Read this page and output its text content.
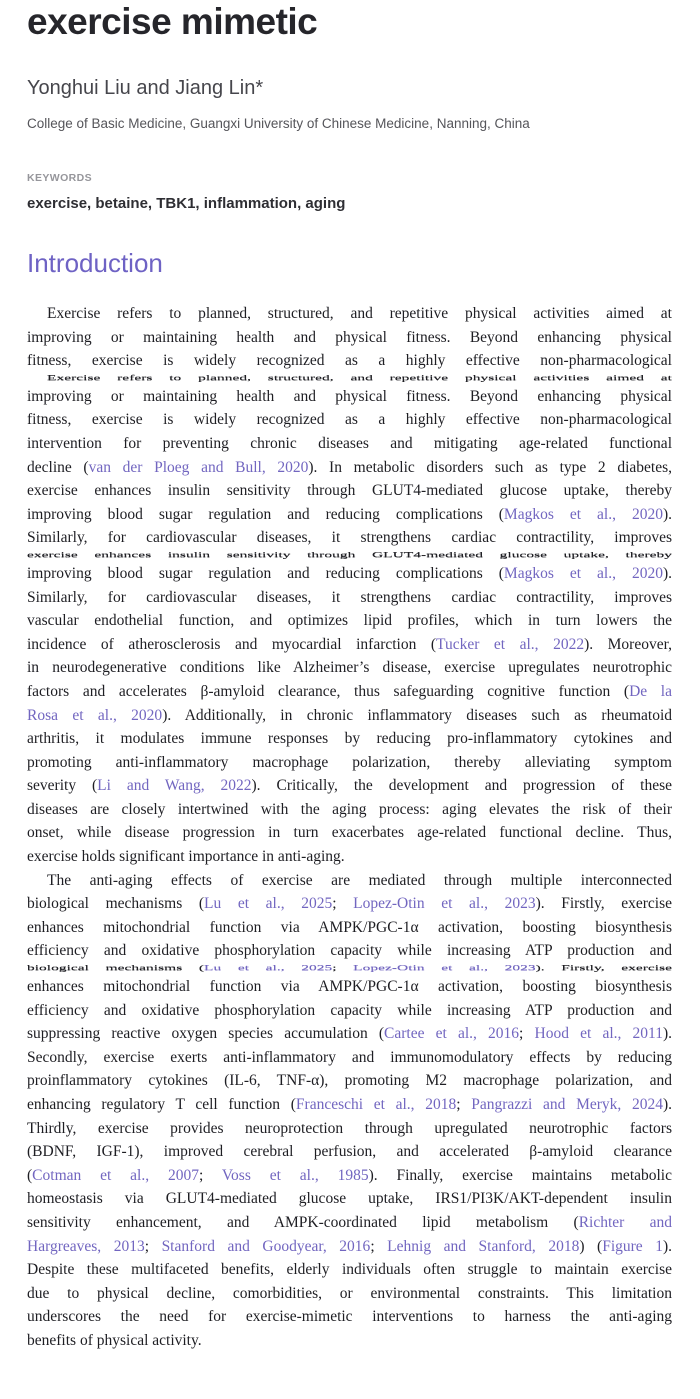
exercise mimetic
Yonghui Liu and Jiang Lin*
College of Basic Medicine, Guangxi University of Chinese Medicine, Nanning, China
KEYWORDS
exercise, betaine, TBK1, inflammation, aging
Introduction
Exercise refers to planned, structured, and repetitive physical activities aimed at
improving or maintaining health and physical fitness. Beyond enhancing physical
fitness, exercise is widely recognized as a highly effective non-pharmacological
Exercise refers to planned, structured, and repetitive physical activities aimed at
improving or maintaining health and physical fitness. Beyond enhancing physical
fitness, exercise is widely recognized as a highly effective non-pharmacological
intervention for preventing chronic diseases and mitigating age-related functional
decline (van der Ploeg and Bull, 2020). In metabolic disorders such as type 2 diabetes,
exercise enhances insulin sensitivity through GLUT4-mediated glucose uptake, thereby
improving blood sugar regulation and reducing complications (Magkos et al., 2020).
Similarly, for cardiovascular diseases, it strengthens cardiac contractility, improves
exercise enhances insulin sensitivity through GLUT4-mediated glucose uptake, thereby
improving blood sugar regulation and reducing complications (Magkos et al., 2020).
Similarly, for cardiovascular diseases, it strengthens cardiac contractility, improves
vascular endothelial function, and optimizes lipid profiles, which in turn lowers the
incidence of atherosclerosis and myocardial infarction (Tucker et al., 2022). Moreover,
in neurodegenerative conditions like Alzheimer’s disease, exercise upregulates neurotrophic
factors and accelerates β-amyloid clearance, thus safeguarding cognitive function (De la
Rosa et al., 2020). Additionally, in chronic inflammatory diseases such as rheumatoid
arthritis, it modulates immune responses by reducing pro-inflammatory cytokines and
promoting anti-inflammatory macrophage polarization, thereby alleviating symptom
severity (Li and Wang, 2022). Critically, the development and progression of these
diseases are closely intertwined with the aging process: aging elevates the risk of their
onset, while disease progression in turn exacerbates age-related functional decline. Thus,
exercise holds significant importance in anti-aging.
The anti-aging effects of exercise are mediated through multiple interconnected
biological mechanisms (Lu et al., 2025; Lopez-Otin et al., 2023). Firstly, exercise
enhances mitochondrial function via AMPK/PGC-1α activation, boosting biosynthesis
efficiency and oxidative phosphorylation capacity while increasing ATP production and
biological mechanisms (Lu et al., 2025; Lopez-Otin et al., 2023). Firstly, exercise
enhances mitochondrial function via AMPK/PGC-1α activation, boosting biosynthesis
efficiency and oxidative phosphorylation capacity while increasing ATP production and
suppressing reactive oxygen species accumulation (Cartee et al., 2016; Hood et al., 2011).
Secondly, exercise exerts anti-inflammatory and immunomodulatory effects by reducing
proinflammatory cytokines (IL-6, TNF-α), promoting M2 macrophage polarization, and
enhancing regulatory T cell function (Franceschi et al., 2018; Pangrazzi and Meryk, 2024).
Thirdly, exercise provides neuroprotection through upregulated neurotrophic factors
(BDNF, IGF-1), improved cerebral perfusion, and accelerated β-amyloid clearance
(Cotman et al., 2007; Voss et al., 1985). Finally, exercise maintains metabolic
homeostasis via GLUT4-mediated glucose uptake, IRS1/PI3K/AKT-dependent insulin
sensitivity enhancement, and AMPK-coordinated lipid metabolism (Richter and
Hargreaves, 2013; Stanford and Goodyear, 2016; Lehnig and Stanford, 2018) (Figure 1).
Despite these multifaceted benefits, elderly individuals often struggle to maintain exercise
due to physical decline, comorbidities, or environmental constraints. This limitation
underscores the need for exercise-mimetic interventions to harness the anti-aging
benefits of physical activity.
